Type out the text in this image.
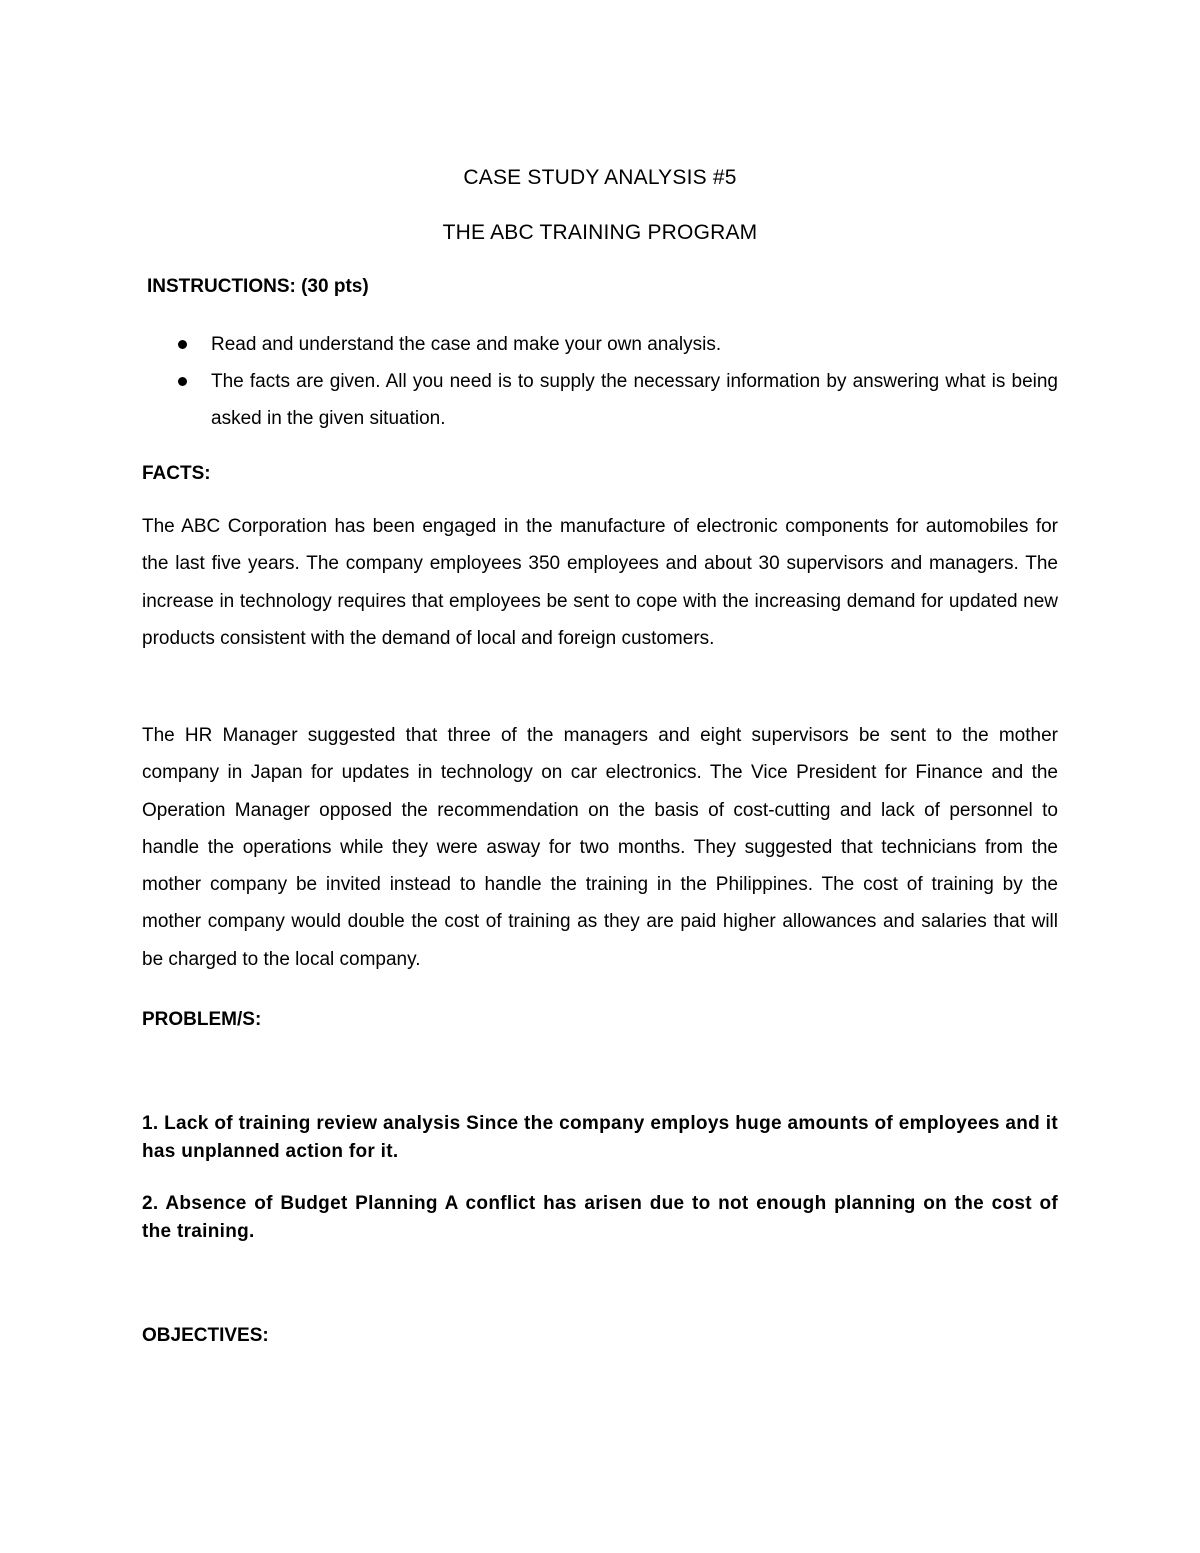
CASE STUDY ANALYSIS #5
THE ABC TRAINING PROGRAM

INSTRUCTIONS: (30 pts)

Read and understand the case and make your own analysis.
The facts are given. All you need is to supply the necessary information by answering what is being asked in the given situation.

FACTS:

The ABC Corporation has been engaged in the manufacture of electronic components for automobiles for the last five years. The company employees 350 employees and about 30 supervisors and managers. The increase in technology requires that employees be sent to cope with the increasing demand for updated new products consistent with the demand of local and foreign customers.

The HR Manager suggested that three of the managers and eight supervisors be sent to the mother company in Japan for updates in technology on car electronics. The Vice President for Finance and the Operation Manager opposed the recommendation on the basis of cost-cutting and lack of personnel to handle the operations while they were asway for two months. They suggested that technicians from the mother company be invited instead to handle the training in the Philippines. The cost of training by the mother company would double the cost of training as they are paid higher allowances and salaries that will be charged to the local company.

PROBLEM/S:

1. Lack of training review analysis Since the company employs huge amounts of employees and it has unplanned action for it.

2. Absence of Budget Planning A conflict has arisen due to not enough planning on the cost of the training.

OBJECTIVES:
